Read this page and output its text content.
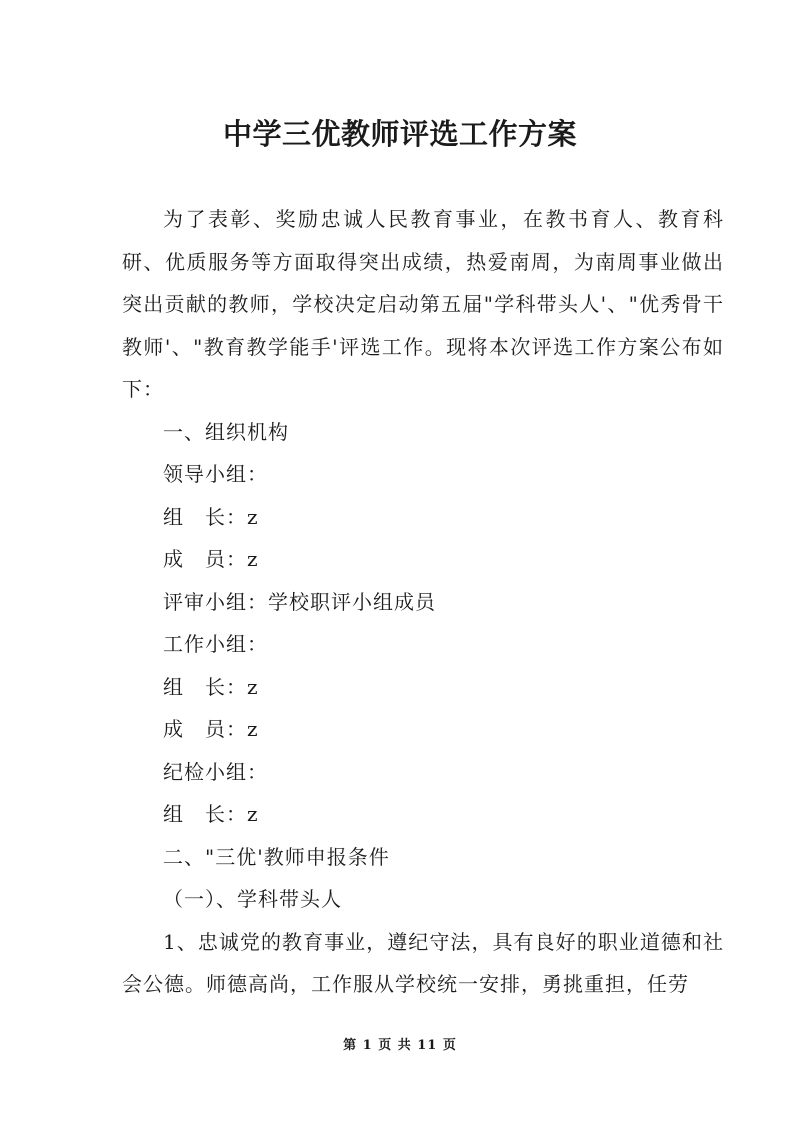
中学三优教师评选工作方案

为了表彰、奖励忠诚人民教育事业，在教书育人、教育科研、优质服务等方面取得突出成绩，热爱南周，为南周事业做出突出贡献的教师，学校决定启动第五届"学科带头人'、"优秀骨干教师'、"教育教学能手'评选工作。现将本次评选工作方案公布如下：

一、组织机构

领导小组：

组　长：z

成　员：z

评审小组：学校职评小组成员

工作小组：

组　长：z

成　员：z

纪检小组：

组　长：z

二、"三优'教师申报条件

（一）、学科带头人

1、忠诚党的教育事业，遵纪守法，具有良好的职业道德和社会公德。师德高尚，工作服从学校统一安排，勇挑重担，任劳

第 1 页 共 11 页
